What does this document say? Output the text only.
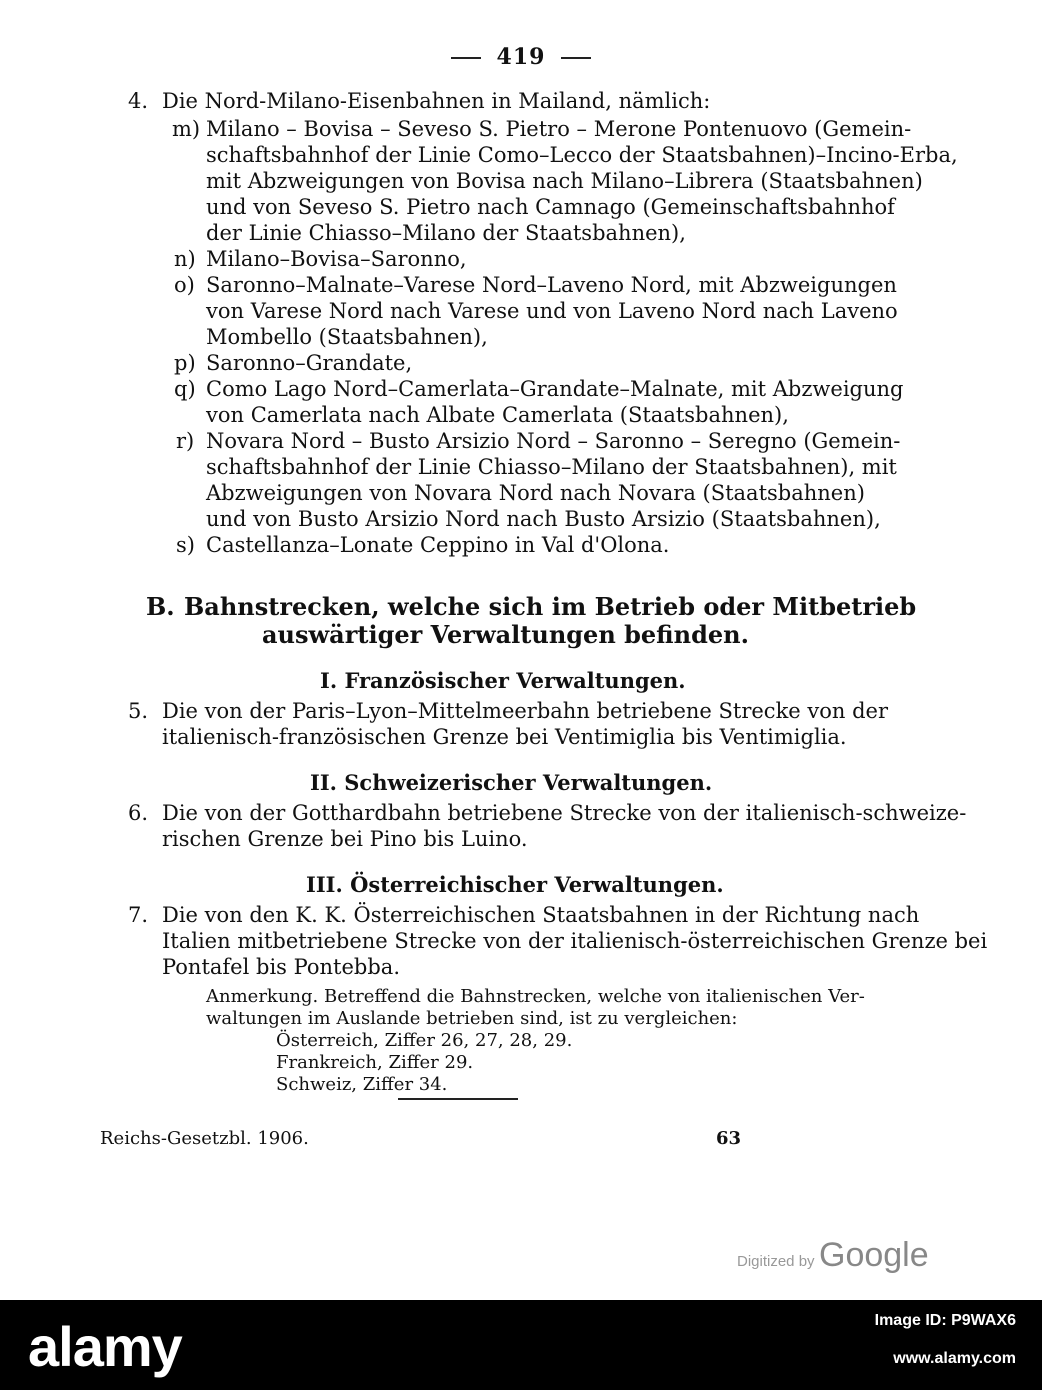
419
4. Die Nord-Milano-Eisenbahnen in Mailand, nämlich:
m) Milano – Bovisa – Seveso S. Pietro – Merone Pontenuovo (Gemein-
schaftsbahnhof der Linie Como–Lecco der Staatsbahnen)–Incino-Erba,
mit Abzweigungen von Bovisa nach Milano–Librera (Staatsbahnen)
und von Seveso S. Pietro nach Camnago (Gemeinschaftsbahnhof
der Linie Chiasso–Milano der Staatsbahnen),
n) Milano–Bovisa–Saronno,
o) Saronno–Malnate–Varese Nord–Laveno Nord, mit Abzweigungen
von Varese Nord nach Varese und von Laveno Nord nach Laveno
Mombello (Staatsbahnen),
p) Saronno–Grandate,
q) Como Lago Nord–Camerlata–Grandate–Malnate, mit Abzweigung
von Camerlata nach Albate Camerlata (Staatsbahnen),
r) Novara Nord – Busto Arsizio Nord – Saronno – Seregno (Gemein-
schaftsbahnhof der Linie Chiasso–Milano der Staatsbahnen), mit
Abzweigungen von Novara Nord nach Novara (Staatsbahnen)
und von Busto Arsizio Nord nach Busto Arsizio (Staatsbahnen),
s) Castellanza–Lonate Ceppino in Val d'Olona.
B. Bahnstrecken, welche sich im Betrieb oder Mitbetrieb
auswärtiger Verwaltungen befinden.
I. Französischer Verwaltungen.
5. Die von der Paris–Lyon–Mittelmeerbahn betriebene Strecke von der
italienisch-französischen Grenze bei Ventimiglia bis Ventimiglia.
II. Schweizerischer Verwaltungen.
6. Die von der Gotthardbahn betriebene Strecke von der italienisch-schweize-
rischen Grenze bei Pino bis Luino.
III. Österreichischer Verwaltungen.
7. Die von den K. K. Österreichischen Staatsbahnen in der Richtung nach
Italien mitbetriebene Strecke von der italienisch-österreichischen Grenze bei
Pontafel bis Pontebba.
Anmerkung. Betreffend die Bahnstrecken, welche von italienischen Ver-
waltungen im Auslande betrieben sind, ist zu vergleichen:
Österreich, Ziffer 26, 27, 28, 29.
Frankreich, Ziffer 29.
Schweiz, Ziffer 34.
Reichs-Gesetzbl. 1906.	63
Digitized by Google
alamy	Image ID: P9WAX6
www.alamy.com
